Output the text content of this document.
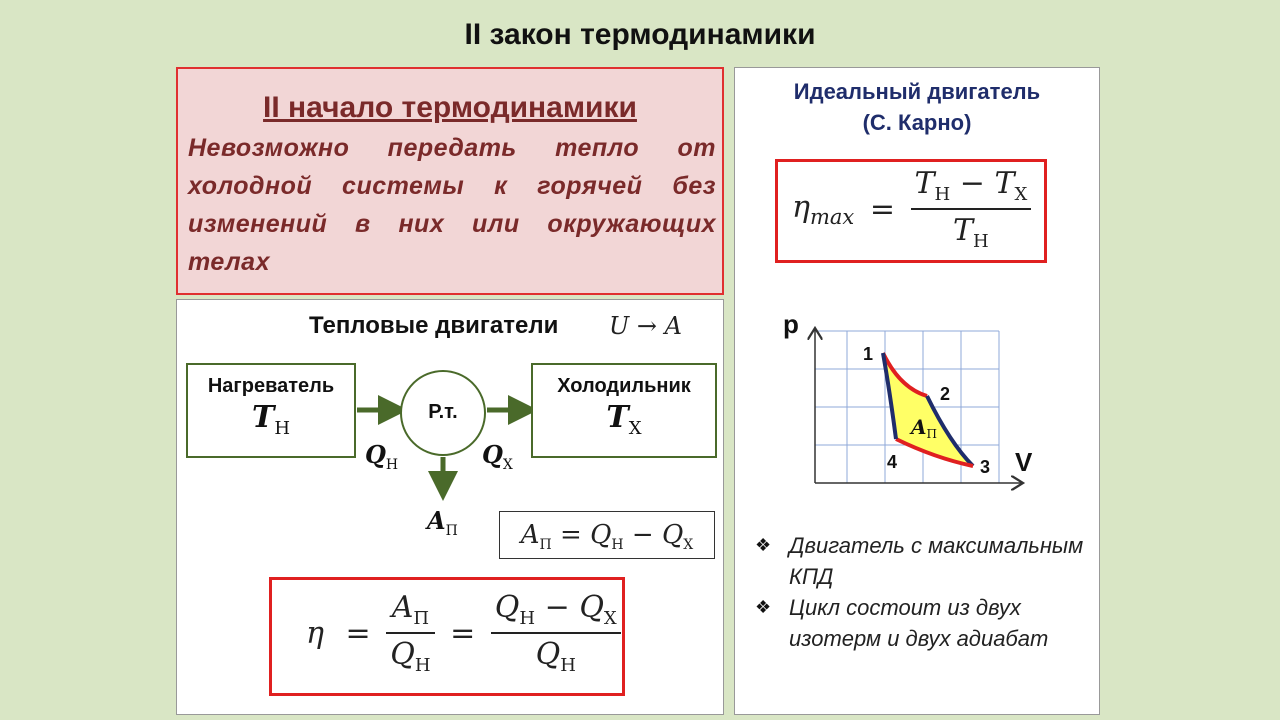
II закон термодинамики
II начало термодинамики
Невозможно передать тепло от холодной системы к горячей без изменений в них или окружающих телах
Тепловые двигатели U → A
Нагреватель
$T_Н$
Р.т.
Холодильник
$T_Х$
$Q_Н$	$Q_Х$
$A_П$	$A_П = Q_Н - Q_Х$
$\eta = \frac{A_П}{Q_Н} = \frac{Q_Н - Q_Х}{Q_Н}$
Идеальный двигатель
(С. Карно)
$\eta_{max} = \frac{T_Н - T_Х}{T_Н}$
p
V
1
2
3
4
$A_П$
❖ Двигатель с максимальным КПД
❖ Цикл состоит из двух изотерм и двух адиабат
